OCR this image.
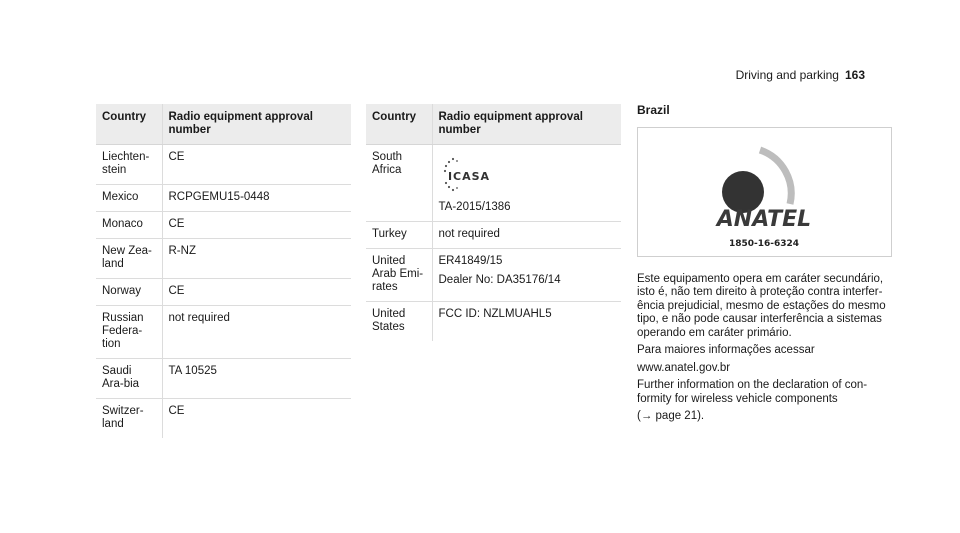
Driving and parking 163
Country	Radio equipment approval number
Liechten-stein	CE
Mexico	RCPGEMU15-0448
Monaco	CE
New Zea-land	R-NZ
Norway	CE
Russian Federa-tion	not required
Saudi Ara-bia	TA 10525
Switzer-land	CE
Country	Radio equipment approval number
South Africa	ICASA
TA-2015/1386

Turkey	not required
United Arab Emi-rates	ER41849/15
Dealer No: DA35176/14

United States	FCC ID: NZLMUAHL5
Brazil
ANATEL
1850-16-6324

Este equipamento opera em caráter secundário, isto é, não tem direito à proteção contra interfer-ência prejudicial, mesmo de estações do mesmo tipo, e não pode causar interferência a sistemas operando em caráter primário.

Para maiores informações acessar

www.anatel.gov.br

Further information on the declaration of con-formity for wireless vehicle components

(→ page 21).
